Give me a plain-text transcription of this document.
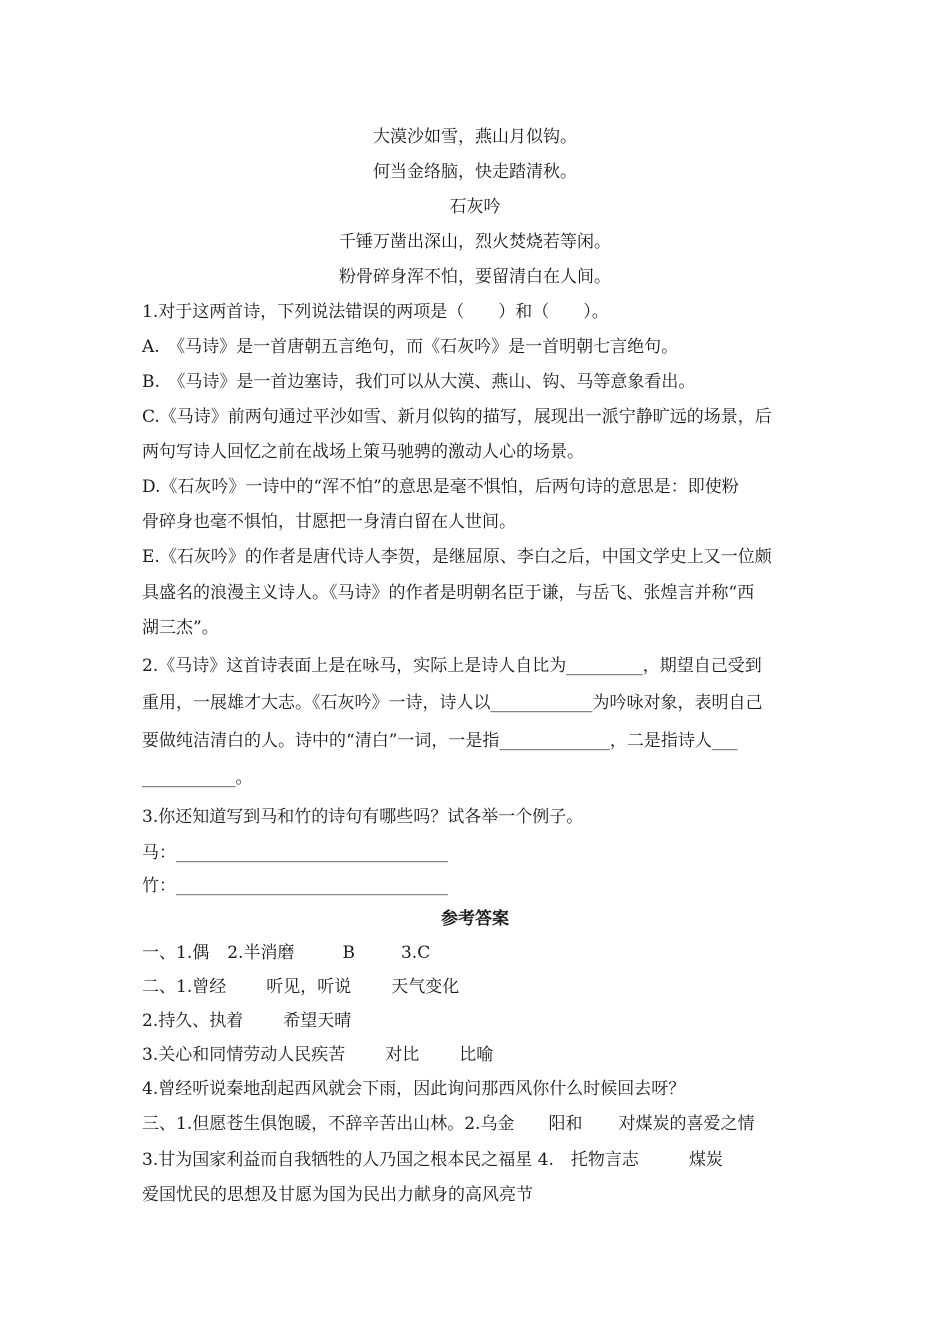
大漠沙如雪，燕山月似钩。
何当金络脑，快走踏清秋。
石灰吟
千锤万凿出深山，烈火焚烧若等闲。
粉骨碎身浑不怕，要留清白在人间。
1.对于这两首诗，下列说法错误的两项是（　　）和（　　）。
A.　《马诗》是一首唐朝五言绝句，而《石灰吟》是一首明朝七言绝句。
B.　《马诗》是一首边塞诗，我们可以从大漠、燕山、钩、马等意象看出。
C.《马诗》前两句通过平沙如雪、新月似钩的描写，展现出一派宁静旷远的场景，后
两句写诗人回忆之前在战场上策马驰骋的激动人心的场景。
D.《石灰吟》一诗中的“浑不怕”的意思是毫不惧怕，后两句诗的意思是：即使粉
骨碎身也毫不惧怕，甘愿把一身清白留在人世间。
E.《石灰吟》的作者是唐代诗人李贺，是继屈原、李白之后，中国文学史上又一位颇
具盛名的浪漫主义诗人。《马诗》的作者是明朝名臣于谦，与岳飞、张煌言并称“西
湖三杰”。
2.《马诗》这首诗表面上是在咏马，实际上是诗人自比为_________，期望自己受到
重用，一展雄才大志。《石灰吟》一诗，诗人以____________为吟咏对象，表明自己
要做纯洁清白的人。诗中的“清白”一词，一是指_____________，二是指诗人___
___________。
3.你还知道写到马和竹的诗句有哪些吗？试各举一个例子。
马：________________________________
竹：________________________________
参考答案
一、1.偶 2.半消磨	B	3.C
二、1.曾经 听见，听说 天气变化
2.持久、执着 希望天晴
3.关心和同情劳动人民疾苦 对比 比喻
4.曾经听说秦地刮起西风就会下雨，因此询问那西风你什么时候回去呀？
三、1.但愿苍生俱饱暖，不辞辛苦出山林。2.乌金 阳和 对煤炭的喜爱之情
3.甘为国家利益而自我牺牲的人乃国之根本民之福星 4.　托物言志	煤炭
爱国忧民的思想及甘愿为国为民出力献身的高风亮节
